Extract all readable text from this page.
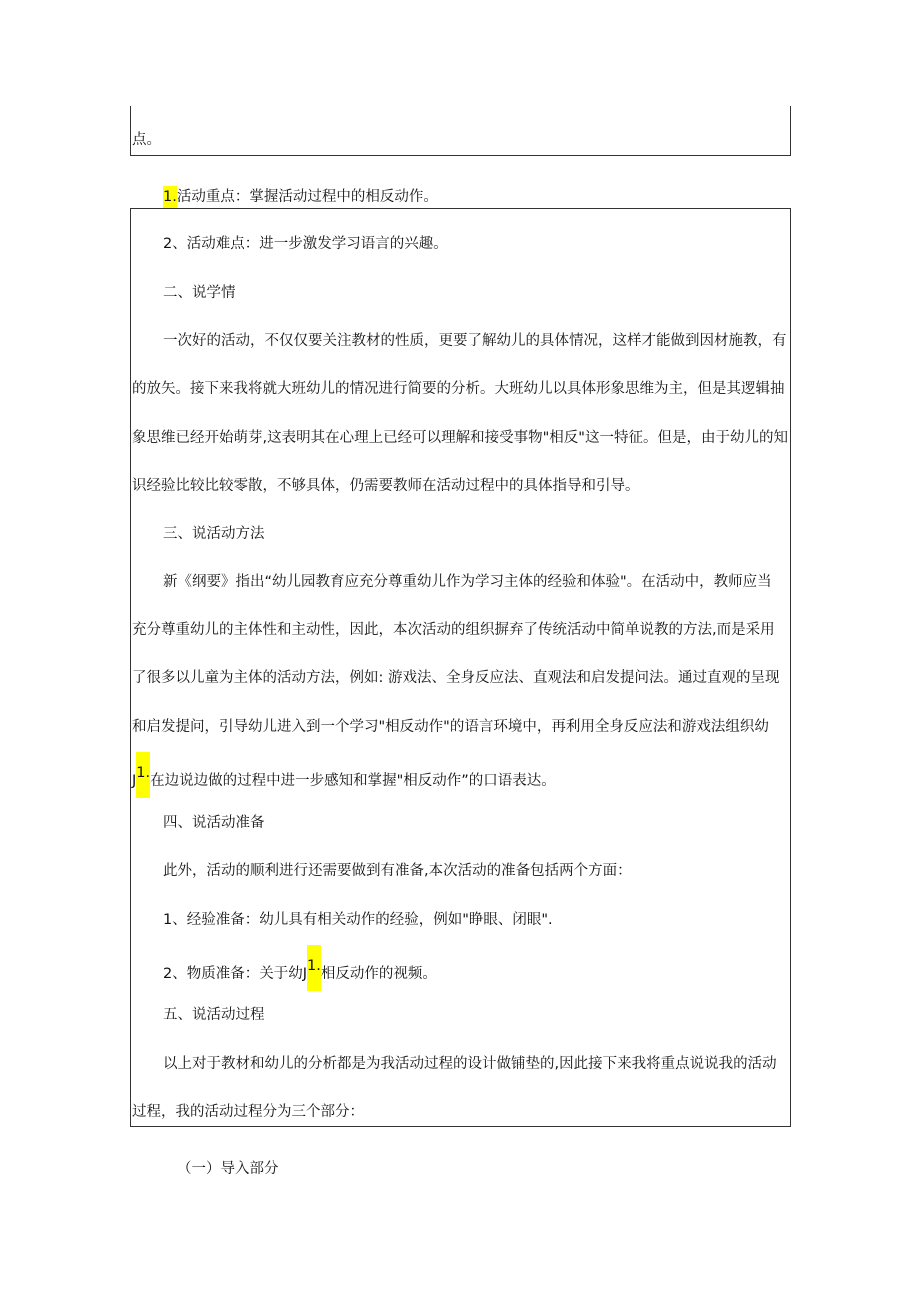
点。
1.活动重点：掌握活动过程中的相反动作。
2、活动难点：进一步激发学习语言的兴趣。
二、说学情
一次好的活动，不仅仅要关注教材的性质，更要了解幼儿的具体情况，这样才能做到因材施教，有
的放矢。接下来我将就大班幼儿的情况进行简要的分析。大班幼儿以具体形象思维为主，但是其逻辑抽
象思维已经开始萌芽,这表明其在心理上已经可以理解和接受事物"相反"这一特征。但是，由于幼儿的知
识经验比较比较零散，不够具体，仍需要教师在活动过程中的具体指导和引导。
三、说活动方法
新《纲要》指出“幼儿园教育应充分尊重幼儿作为学习主体的经验和体验"。在活动中，教师应当
充分尊重幼儿的主体性和主动性，因此，本次活动的组织摒弃了传统活动中简单说教的方法,而是采用
了很多以儿童为主体的活动方法，例如: 游戏法、全身反应法、直观法和启发提问法。通过直观的呈现
和启发提问，引导幼儿进入到一个学习"相反动作"的语言环境中，再利用全身反应法和游戏法组织幼
J1.在边说边做的过程中进一步感知和掌握"相反动作”的口语表达。
四、说活动准备
此外，活动的顺利进行还需要做到有准备,本次活动的准备包括两个方面：
1、经验准备：幼儿具有相关动作的经验，例如"睁眼、闭眼".
2、物质准备：关于幼J1.相反动作的视频。
五、说活动过程
以上对于教材和幼儿的分析都是为我活动过程的设计做铺垫的,因此接下来我将重点说说我的活动
过程，我的活动过程分为三个部分：
（一）导入部分
